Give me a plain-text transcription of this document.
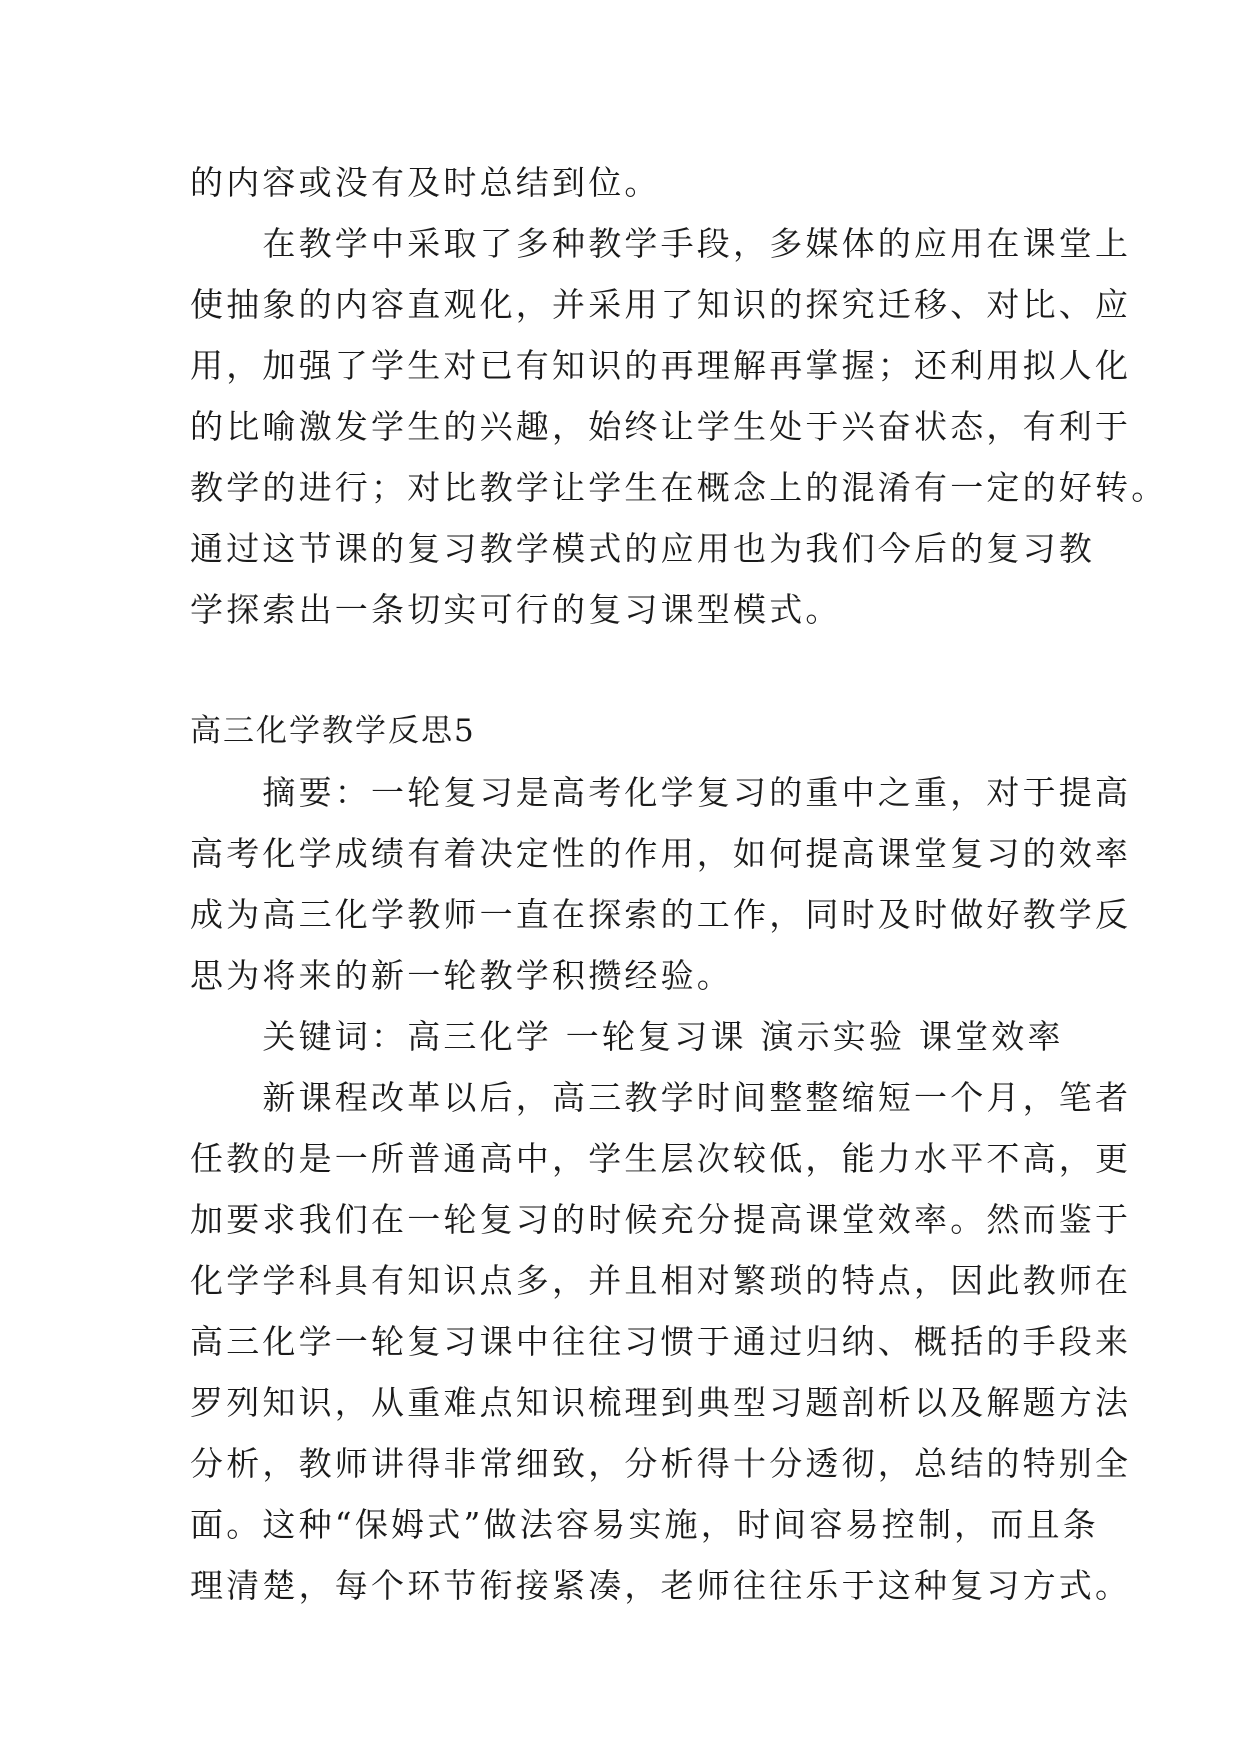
的内容或没有及时总结到位。
　　在教学中采取了多种教学手段，多媒体的应用在课堂上
使抽象的内容直观化，并采用了知识的探究迁移、对比、应
用，加强了学生对已有知识的再理解再掌握；还利用拟人化
的比喻激发学生的兴趣，始终让学生处于兴奋状态，有利于
教学的进行；对比教学让学生在概念上的混淆有一定的好转。
通过这节课的复习教学模式的应用也为我们今后的复习教
学探索出一条切实可行的复习课型模式。
高三化学教学反思5
　　摘要：一轮复习是高考化学复习的重中之重，对于提高
高考化学成绩有着决定性的作用，如何提高课堂复习的效率
成为高三化学教师一直在探索的工作，同时及时做好教学反
思为将来的新一轮教学积攒经验。
　　关键词：高三化学 一轮复习课 演示实验 课堂效率
　　新课程改革以后，高三教学时间整整缩短一个月，笔者
任教的是一所普通高中，学生层次较低，能力水平不高，更
加要求我们在一轮复习的时候充分提高课堂效率。然而鉴于
化学学科具有知识点多，并且相对繁琐的特点，因此教师在
高三化学一轮复习课中往往习惯于通过归纳、概括的手段来
罗列知识，从重难点知识梳理到典型习题剖析以及解题方法
分析，教师讲得非常细致，分析得十分透彻，总结的特别全
面。这种“保姆式”做法容易实施，时间容易控制，而且条
理清楚，每个环节衔接紧凑，老师往往乐于这种复习方式。
